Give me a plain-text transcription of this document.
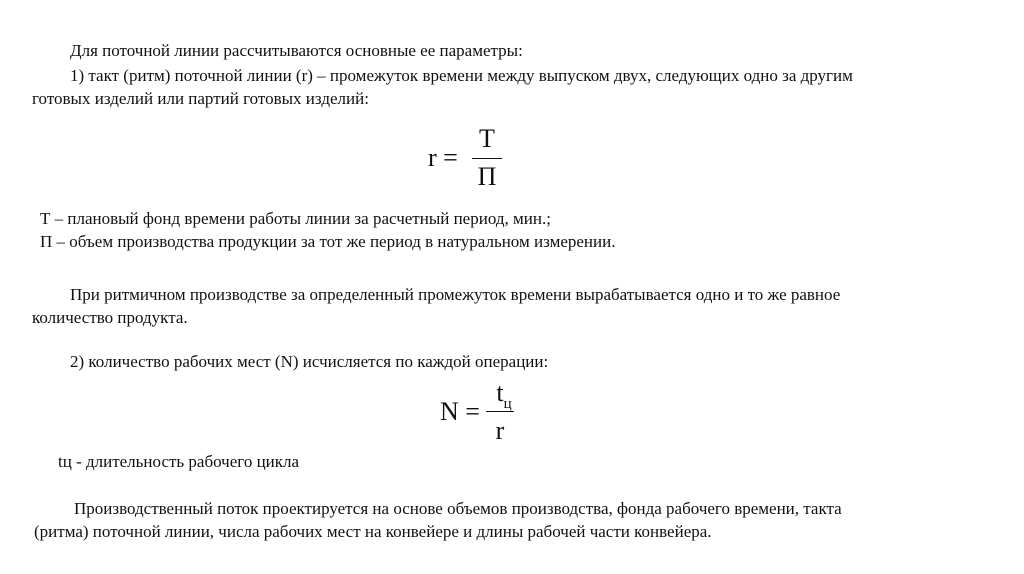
Для поточной линии рассчитываются основные ее параметры:
1) такт (ритм) поточной линии (r) – промежуток времени между выпуском двух, следующих одно за другим
готовых изделий или партий готовых изделий:
r =
Т
П
Т – плановый фонд времени работы линии за расчетный период, мин.;
П – объем производства продукции за тот же период в натуральном измерении.
При ритмичном производстве за определенный промежуток времени вырабатывается одно и то же равное
количество продукта.
2) количество рабочих мест (N) исчисляется по каждой операции:
N =
$t_ц$
r
tц - длительность рабочего цикла
Производственный поток проектируется на основе объемов производства, фонда рабочего времени, такта
(ритма) поточной линии, числа рабочих мест на конвейере и длины рабочей части конвейера.
